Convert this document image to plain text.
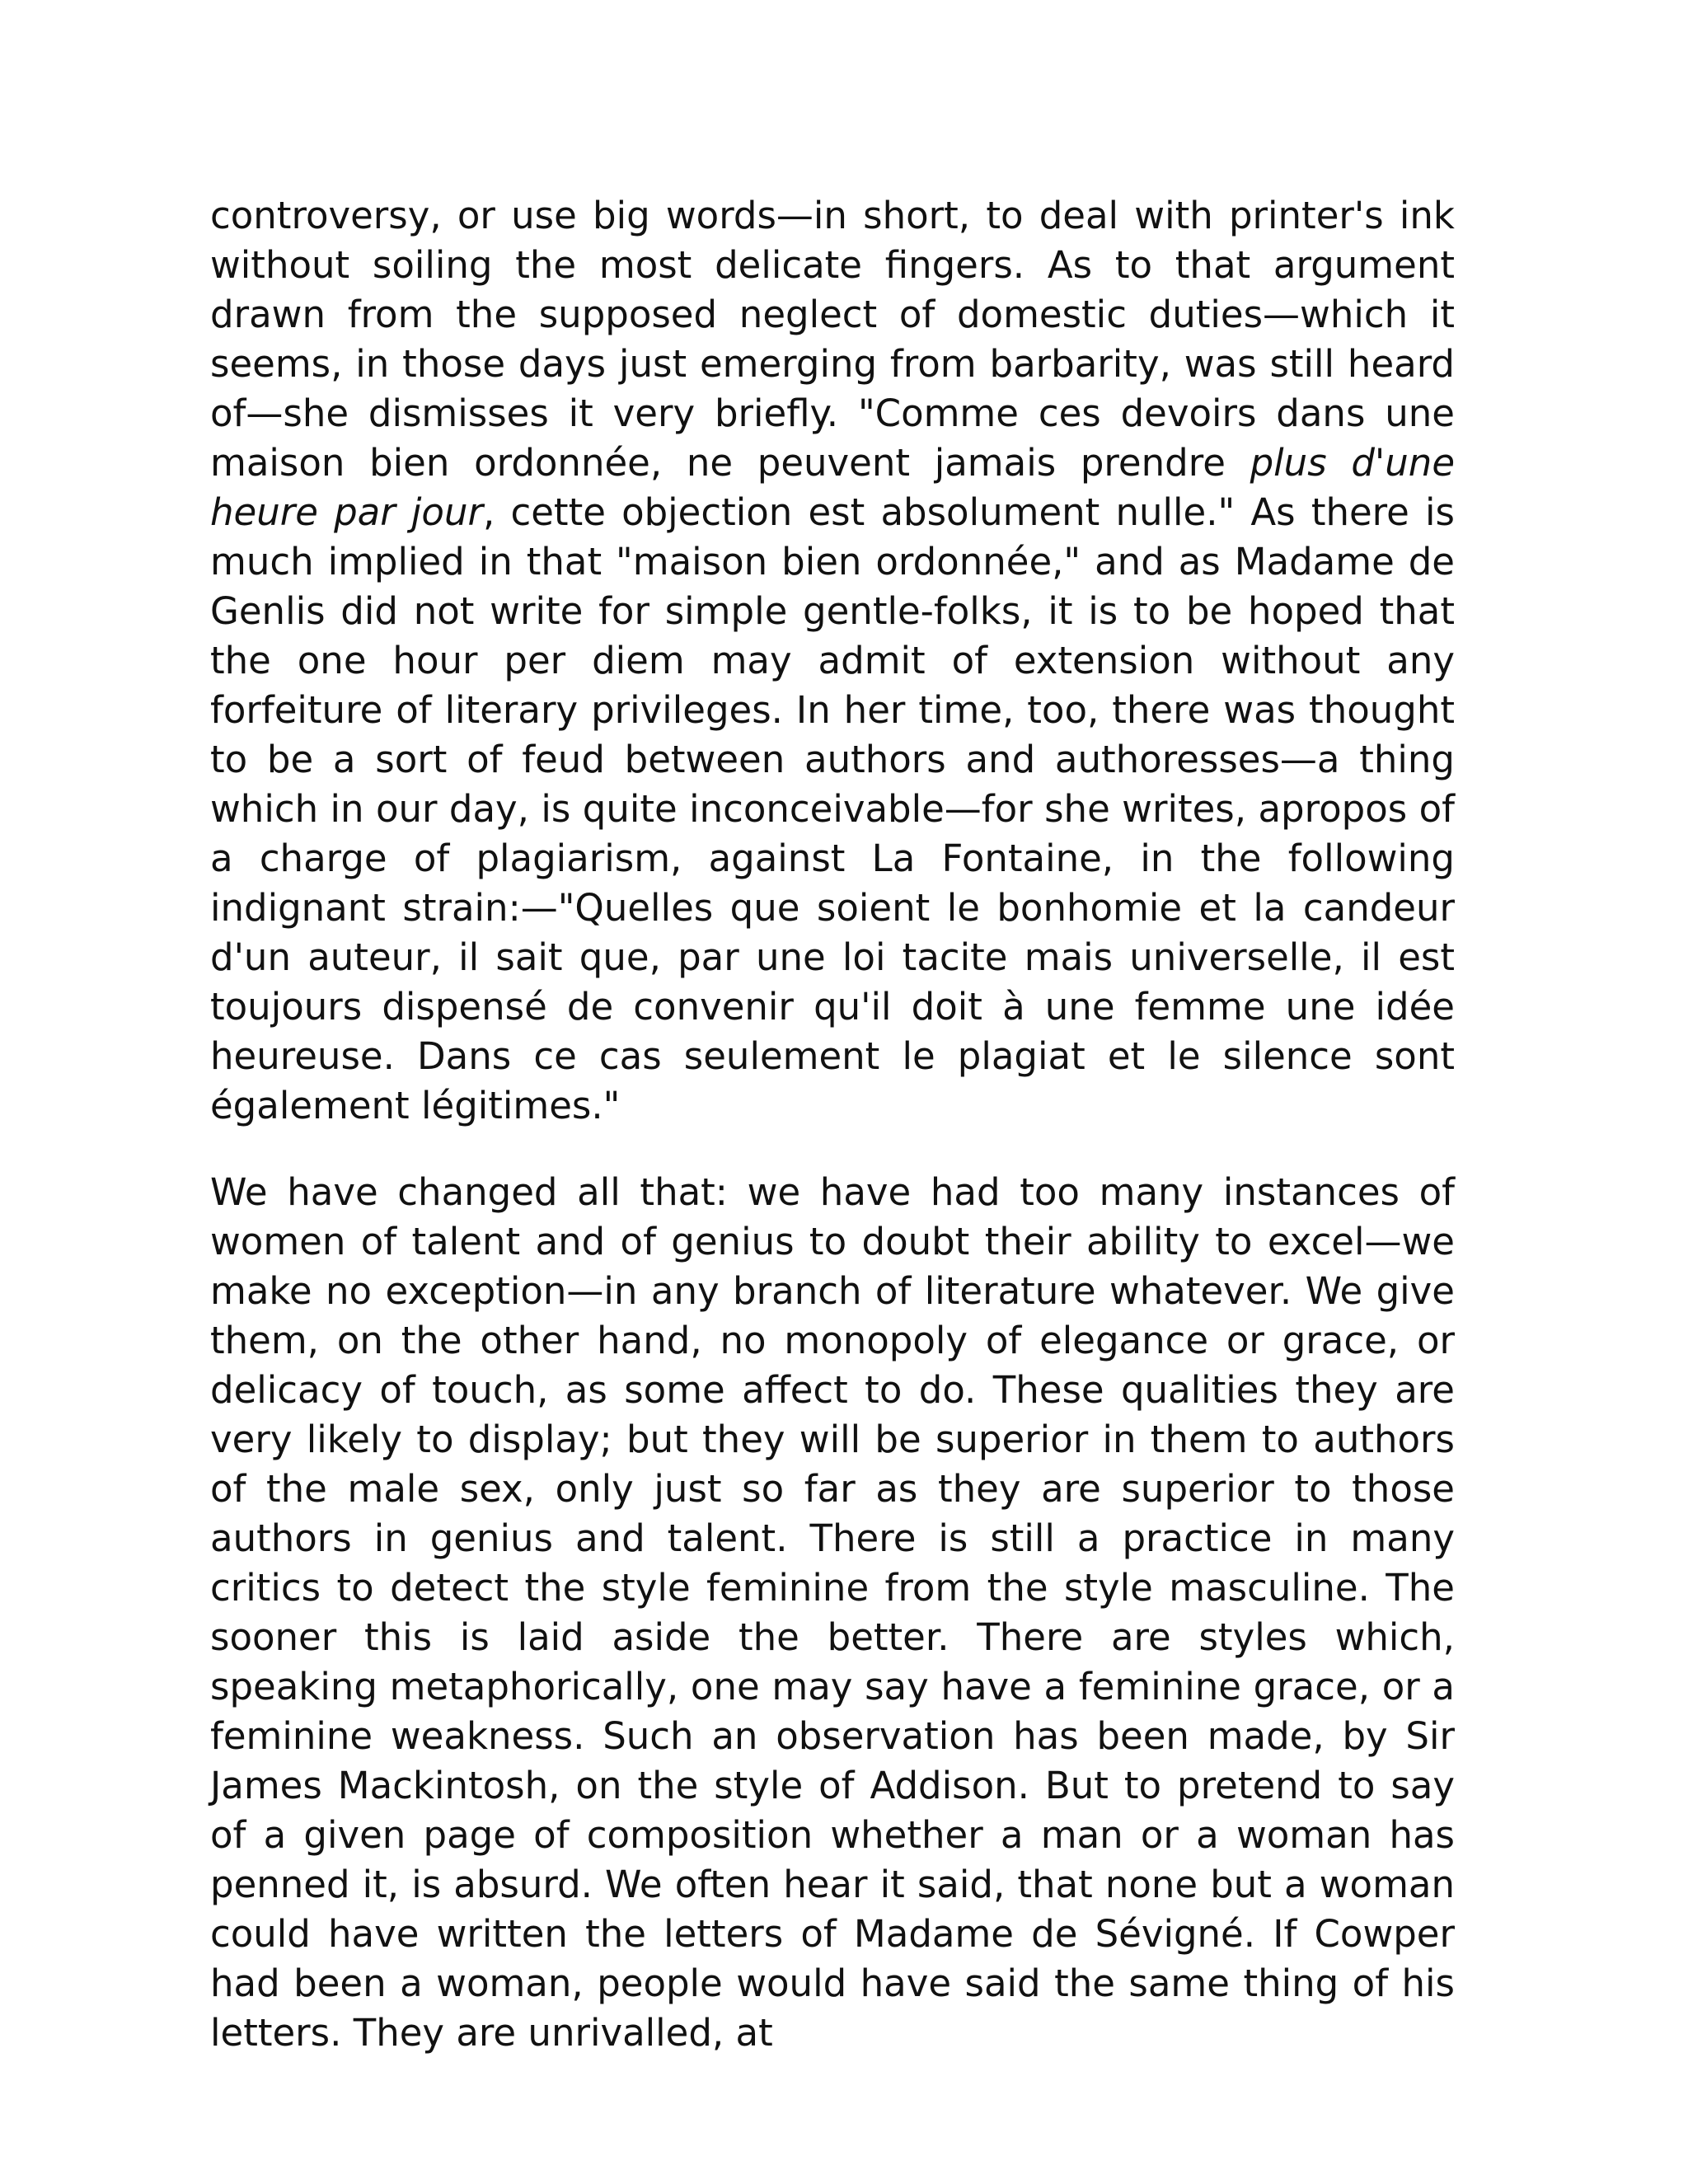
controversy, or use big words—in short, to deal with printer's ink without soiling the most delicate fingers. As to that argument drawn from the supposed neglect of domestic duties—which it seems, in those days just emerging from barbarity, was still heard of—she dismisses it very briefly. "Comme ces devoirs dans une maison bien ordonnée, ne peuvent jamais prendre plus d'une heure par jour, cette objection est absolument nulle." As there is much implied in that "maison bien ordonnée," and as Madame de Genlis did not write for simple gentle-folks, it is to be hoped that the one hour per diem may admit of extension without any forfeiture of literary privileges. In her time, too, there was thought to be a sort of feud between authors and authoresses—a thing which in our day, is quite inconceivable—for she writes, apropos of a charge of plagiarism, against La Fontaine, in the following indignant strain:—"Quelles que soient le bonhomie et la candeur d'un auteur, il sait que, par une loi tacite mais universelle, il est toujours dispensé de convenir qu'il doit à une femme une idée heureuse. Dans ce cas seulement le plagiat et le silence sont également légitimes."

We have changed all that: we have had too many instances of women of talent and of genius to doubt their ability to excel—we make no exception—in any branch of literature whatever. We give them, on the other hand, no monopoly of elegance or grace, or delicacy of touch, as some affect to do. These qualities they are very likely to display; but they will be superior in them to authors of the male sex, only just so far as they are superior to those authors in genius and talent. There is still a practice in many critics to detect the style feminine from the style masculine. The sooner this is laid aside the better. There are styles which, speaking metaphorically, one may say have a feminine grace, or a feminine weakness. Such an observation has been made, by Sir James Mackintosh, on the style of Addison. But to pretend to say of a given page of composition whether a man or a woman has penned it, is absurd. We often hear it said, that none but a woman could have written the letters of Madame de Sévigné. If Cowper had been a woman, people would have said the same thing of his letters. They are unrivalled, at
